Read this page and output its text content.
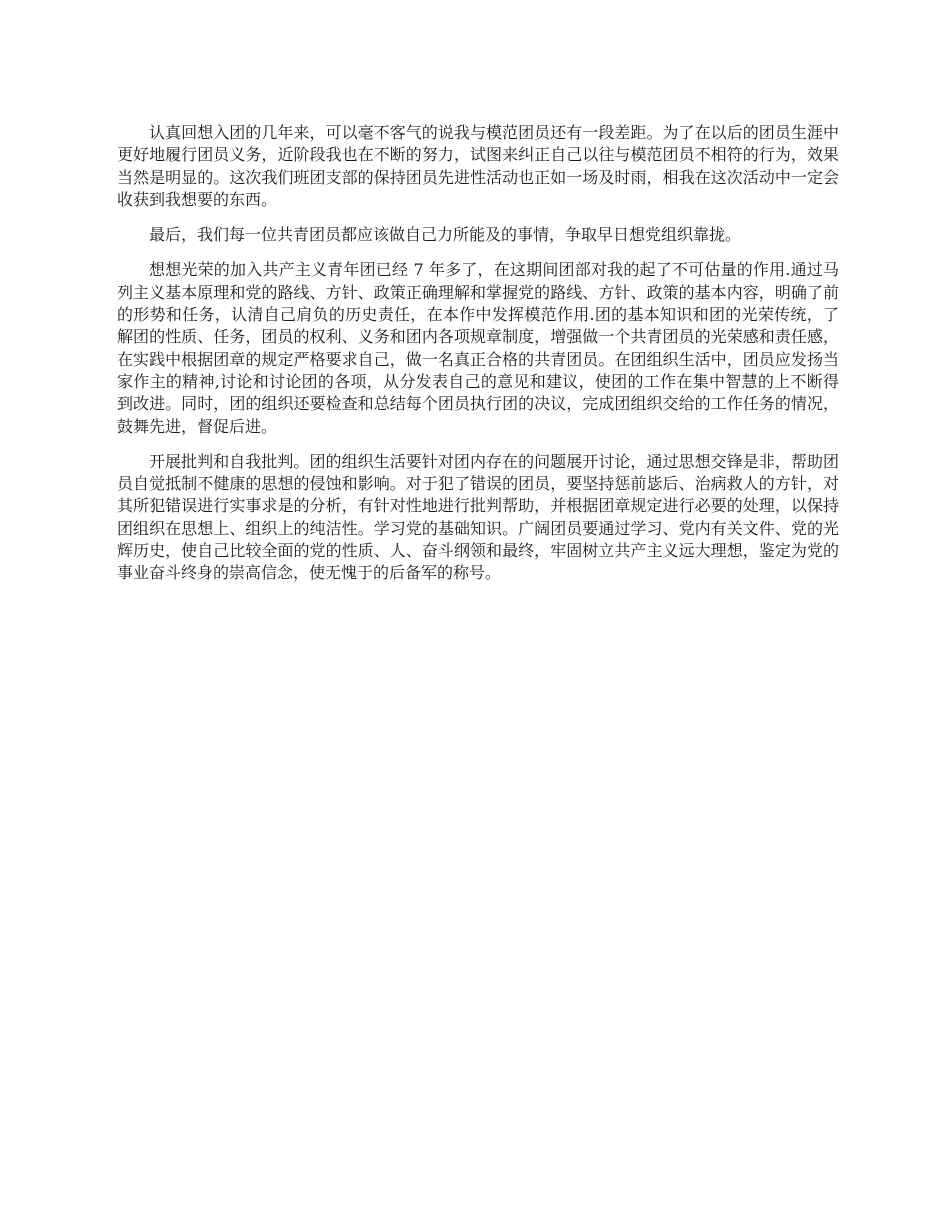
认真回想入团的几年来，可以毫不客气的说我与模范团员还有一段差距。为了在以后的团员生涯中更好地履行团员义务，近阶段我也在不断的努力，试图来纠正自己以往与模范团员不相符的行为，效果当然是明显的。这次我们班团支部的保持团员先进性活动也正如一场及时雨，相我在这次活动中一定会收获到我想要的东西。

最后，我们每一位共青团员都应该做自己力所能及的事情，争取早日想党组织靠拢。

想想光荣的加入共产主义青年团已经 7 年多了，在这期间团部对我的起了不可估量的作用.通过马列主义基本原理和党的路线、方针、政策正确理解和掌握党的路线、方针、政策的基本内容，明确了前的形势和任务，认清自己肩负的历史责任，在本作中发挥模范作用.团的基本知识和团的光荣传统，了解团的性质、任务，团员的权利、义务和团内各项规章制度，增强做一个共青团员的光荣感和责任感，在实践中根据团章的规定严格要求自己，做一名真正合格的共青团员。在团组织生活中，团员应发扬当家作主的精神,讨论和讨论团的各项，从分发表自己的意见和建议，使团的工作在集中智慧的上不断得到改进。同时，团的组织还要检查和总结每个团员执行团的决议，完成团组织交给的工作任务的情况，鼓舞先进，督促后进。

开展批判和自我批判。团的组织生活要针对团内存在的问题展开讨论，通过思想交锋是非，帮助团员自觉抵制不健康的思想的侵蚀和影响。对于犯了错误的团员，要坚持惩前毖后、治病救人的方针，对其所犯错误进行实事求是的分析，有针对性地进行批判帮助，并根据团章规定进行必要的处理，以保持团组织在思想上、组织上的纯洁性。学习党的基础知识。广阔团员要通过学习、党内有关文件、党的光辉历史，使自己比较全面的党的性质、人、奋斗纲领和最终，牢固树立共产主义远大理想，鉴定为党的事业奋斗终身的崇高信念，使无愧于的后备军的称号。
